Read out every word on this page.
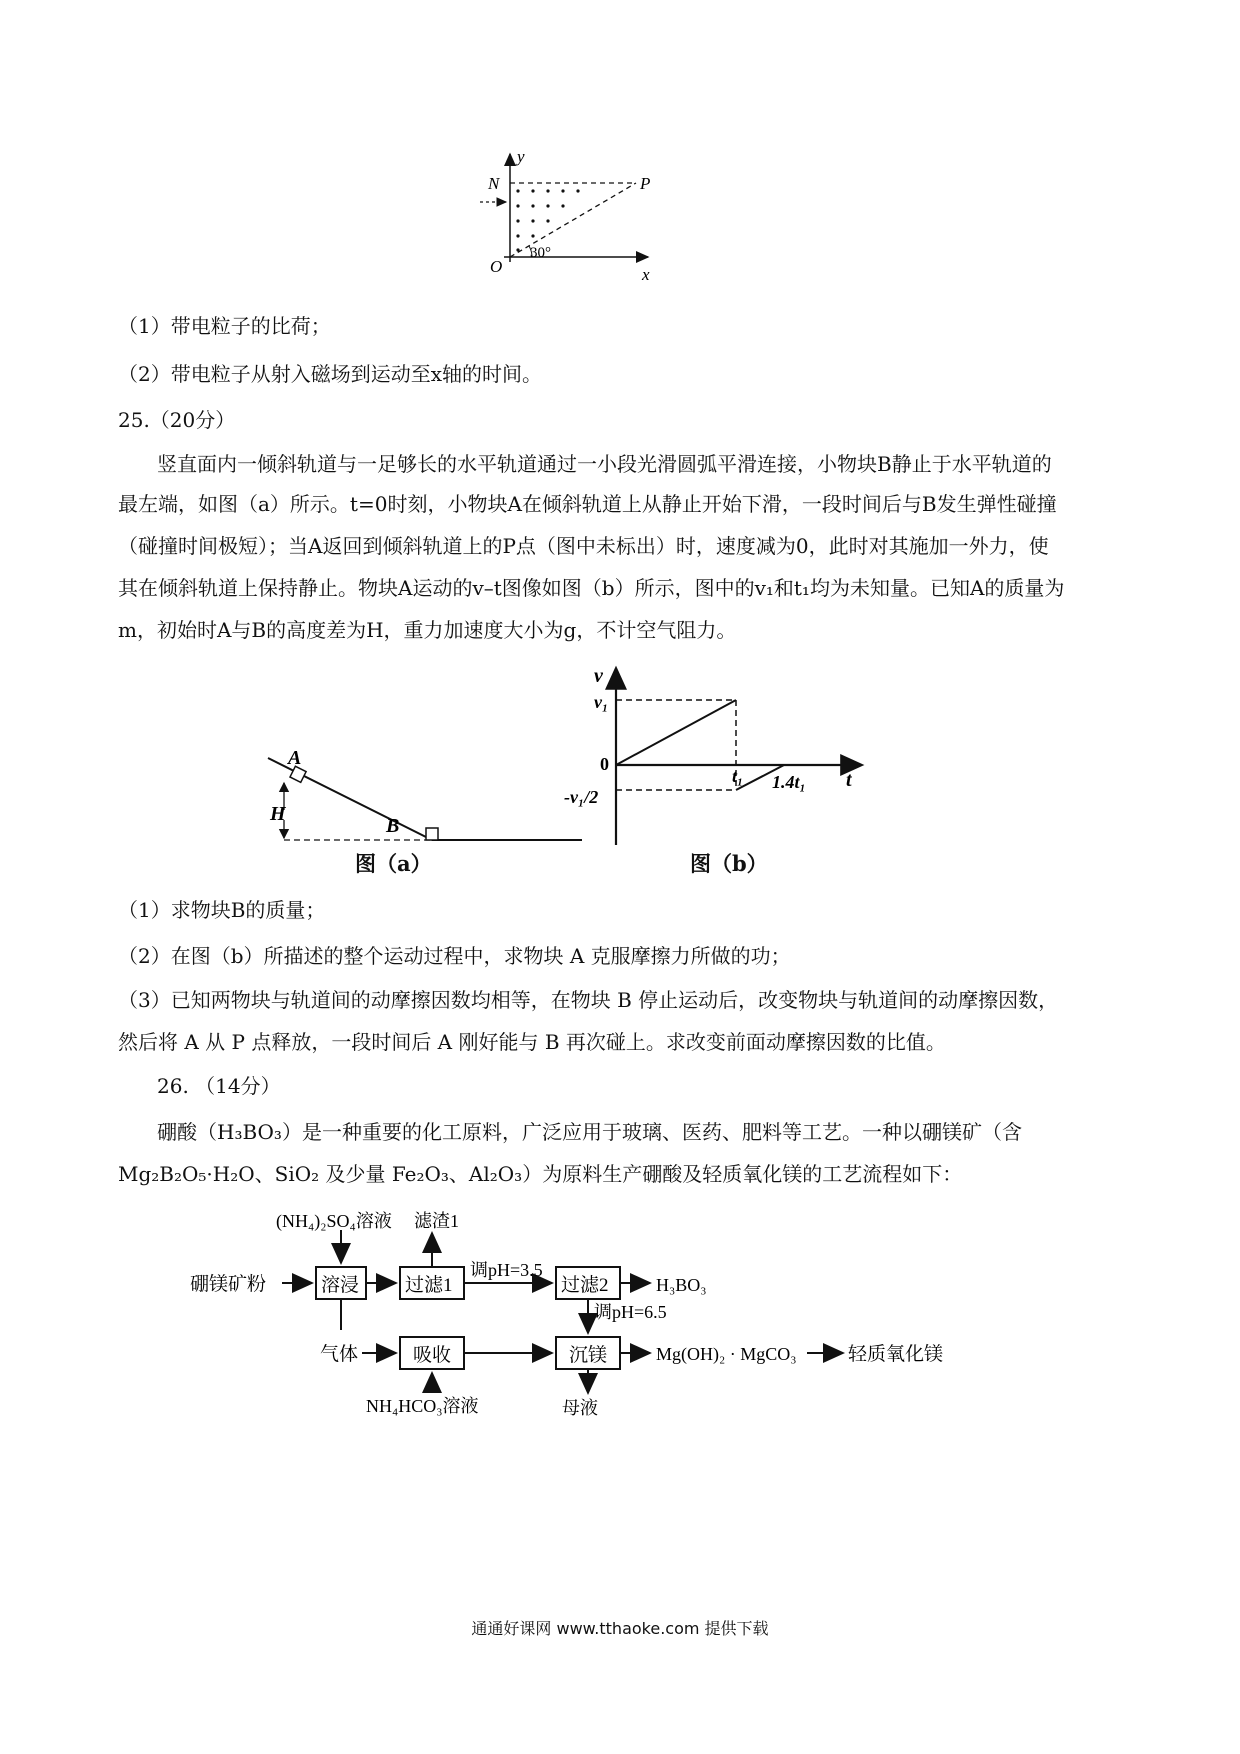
y
x
O
N	P
30°
（1）带电粒子的比荷；
（2）带电粒子从射入磁场到运动至x轴的时间。
25.（20分）
竖直面内一倾斜轨道与一足够长的水平轨道通过一小段光滑圆弧平滑连接，小物块B静止于水平轨道的
最左端，如图（a）所示。t=0时刻，小物块A在倾斜轨道上从静止开始下滑，一段时间后与B发生弹性碰撞
（碰撞时间极短）；当A返回到倾斜轨道上的P点（图中未标出）时，速度减为0，此时对其施加一外力，使
其在倾斜轨道上保持静止。物块A运动的v–t图像如图（b）所示，图中的v₁和t₁均为未知量。已知A的质量为
m，初始时A与B的高度差为H，重力加速度大小为g，不计空气阻力。
A
B
H
图（a）
v
t
0
v₁
-v₁/2
t₁ 1.4t₁
图（b）
（1）求物块B的质量；
（2）在图（b）所描述的整个运动过程中，求物块 A 克服摩擦力所做的功；
（3）已知两物块与轨道间的动摩擦因数均相等，在物块 B 停止运动后，改变物块与轨道间的动摩擦因数，
然后将 A 从 P 点释放，一段时间后 A 刚好能与 B 再次碰上。求改变前面动摩擦因数的比值。
26. （14分）
硼酸（H₃BO₃）是一种重要的化工原料，广泛应用于玻璃、医药、肥料等工艺。一种以硼镁矿（含
Mg₂B₂O₅·H₂O、SiO₂ 及少量 Fe₂O₃、Al₂O₃）为原料生产硼酸及轻质氧化镁的工艺流程如下：
硼镁矿粉
(NH₄)₂SO₄溶液
溶浸
滤渣1
过滤1
调pH=3.5
过滤2	H₃BO₃
调pH=6.5
气体	吸收
NH₄HCO₃溶液
沉镁
母液
Mg(OH)₂ · MgCO₃	轻质氧化镁
通通好课网 www.tthaoke.com 提供下载
